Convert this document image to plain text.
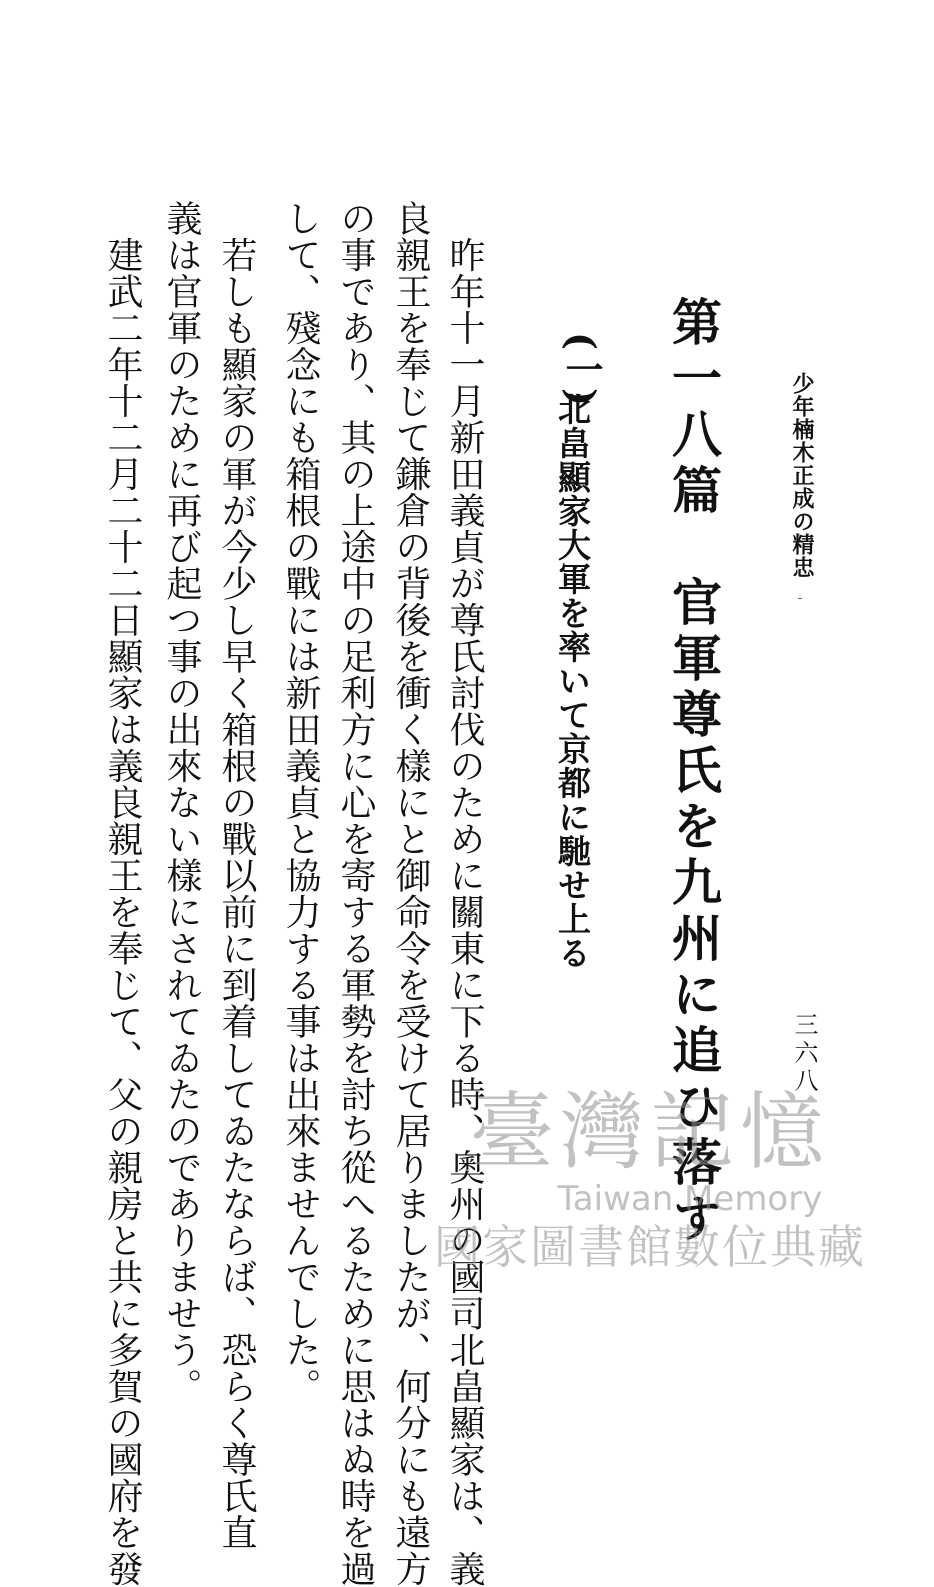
少年楠木正成の精忠
三六八
第一八篇　官軍尊氏を九州に追ひ落す
(一)
北畠顯家大軍を率いて京都に馳せ上る
　昨年十一月新田義貞が尊氏討伐のために關東に下る時、奧州の國司北畠顯家は、義
良親王を奉じて鎌倉の背後を衝く樣にと御命令を受けて居りましたが、何分にも遠方
の事であり、其の上途中の足利方に心を寄する軍勢を討ち從へるために思はぬ時を過
して、殘念にも箱根の戰には新田義貞と協力する事は出來ませんでした。
　若しも顯家の軍が今少し早く箱根の戰以前に到着してゐたならば、恐らく尊氏直
義は官軍のために再び起つ事の出來ない樣にされてゐたのでありませう。
　建武二年十二月二十二日顯家は義良親王を奉じて、父の親房と共に多賀の國府を發	臺灣記憶
Taiwan Memory
國家圖書館數位典藏
